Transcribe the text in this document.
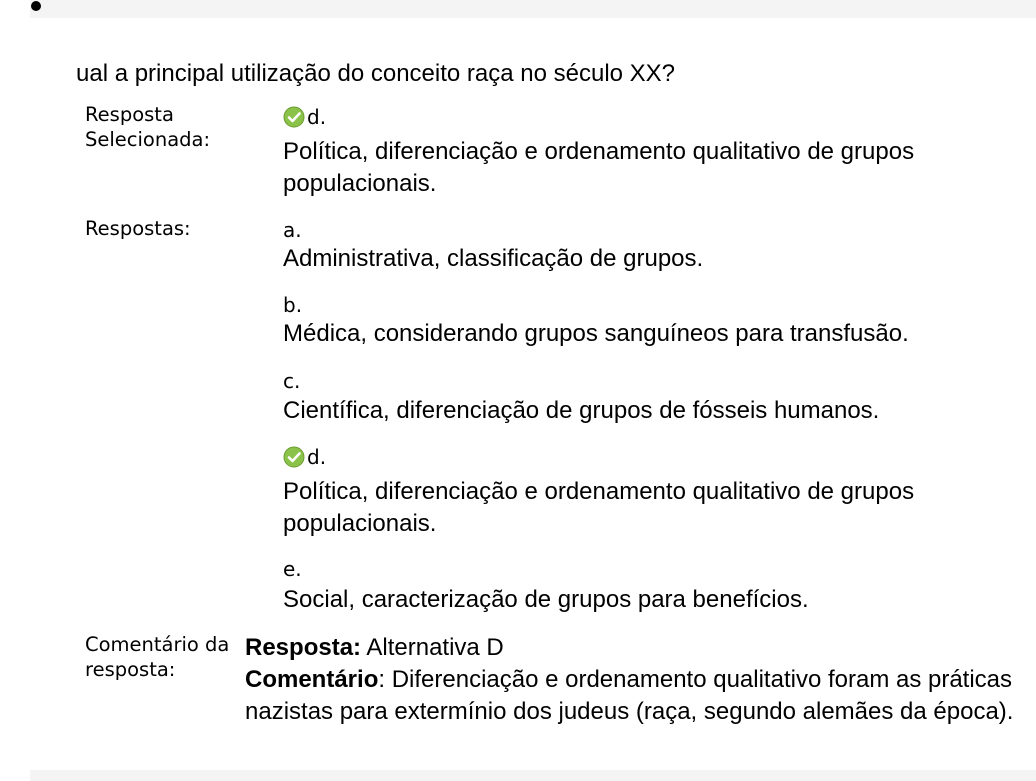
ual a principal utilização do conceito raça no século XX?
Resposta Selecionada:
d.
Política, diferenciação e ordenamento qualitativo de grupos populacionais.
Respostas:	a.
Administrativa, classificação de grupos.
b.
Médica, considerando grupos sanguíneos para transfusão.
c.
Científica, diferenciação de grupos de fósseis humanos.
d.
Política, diferenciação e ordenamento qualitativo de grupos populacionais.
e.
Social, caracterização de grupos para benefícios.
Comentário da resposta:
Resposta: Alternativa D
Comentário: Diferenciação e ordenamento qualitativo foram as práticas nazistas para extermínio dos judeus (raça, segundo alemães da época).
